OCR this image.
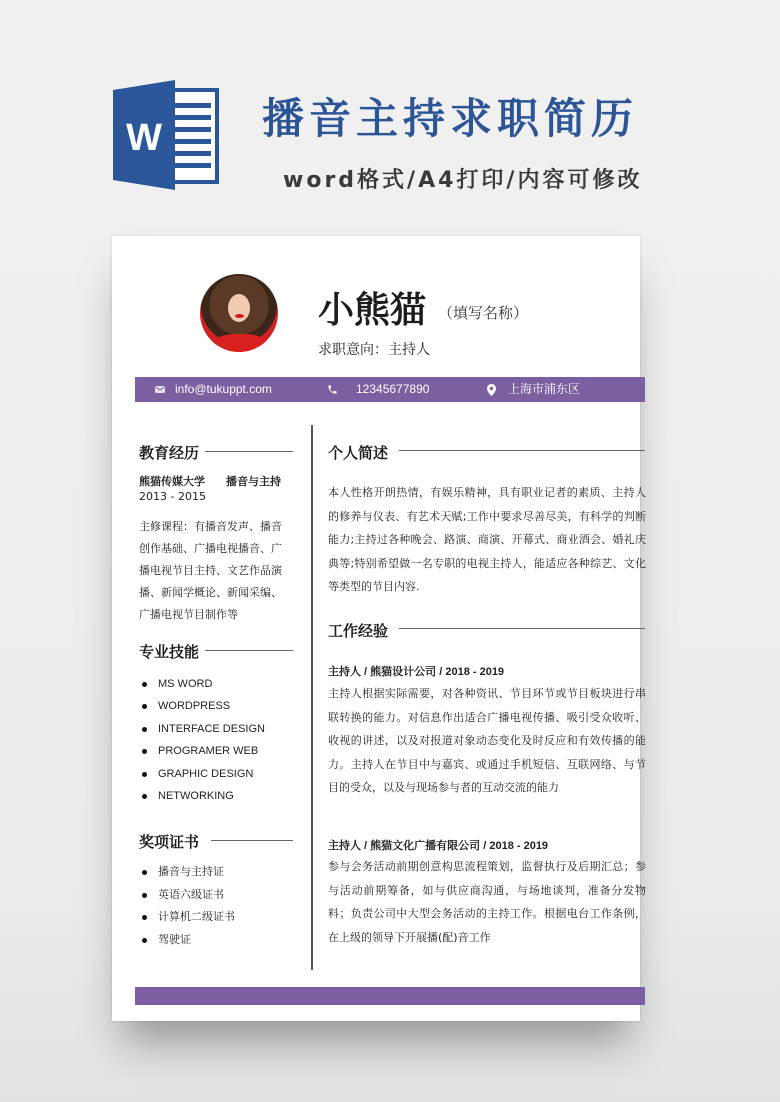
W 播音主持求职简历
word格式/A4打印/内容可修改
小熊猫 （填写名称）
求职意向：主持人
info@tukuppt.com	12345677890	上海市浦东区
教育经历
熊猫传媒大学 播音与主持
2013 - 2015
主修课程：有播音发声、播音创作基础、广播电视播音、广播电视节目主持、文艺作品演播、新闻学概论、新闻采编、广播电视节目制作等
专业技能
MS WORD
WORDPRESS
INTERFACE DESIGN
PROGRAMER WEB
GRAPHIC DESIGN
NETWORKING
奖项证书
播音与主持证
英语六级证书
计算机二级证书
驾驶证
个人简述
本人性格开朗热情，有娱乐精神，具有职业记者的素质、主持人的修养与仪表、有艺术天赋;工作中要求尽善尽美，有科学的判断能力;主持过各种晚会、路演、商演、开幕式、商业酒会、婚礼庆典等;特别希望做一名专职的电视主持人，能适应各种综艺、文化等类型的节目内容.
工作经验
主持人 / 熊猫设计公司 / 2018 - 2019
主持人根据实际需要，对各种资讯、节目环节或节目板块进行串联转换的能力。对信息作出适合广播电视传播、吸引受众收听、收视的讲述，以及对报道对象动态变化及时反应和有效传播的能力。主持人在节目中与嘉宾、或通过手机短信、互联网络、与节目的受众，以及与现场参与者的互动交流的能力
主持人 / 熊猫文化广播有限公司 / 2018 - 2019
参与会务活动前期创意构思流程策划，监督执行及后期汇总；参与活动前期筹备，如与供应商沟通，与场地谈判，准备分发物料；负责公司中大型会务活动的主持工作。根据电台工作条例，在上级的领导下开展播(配)音工作
